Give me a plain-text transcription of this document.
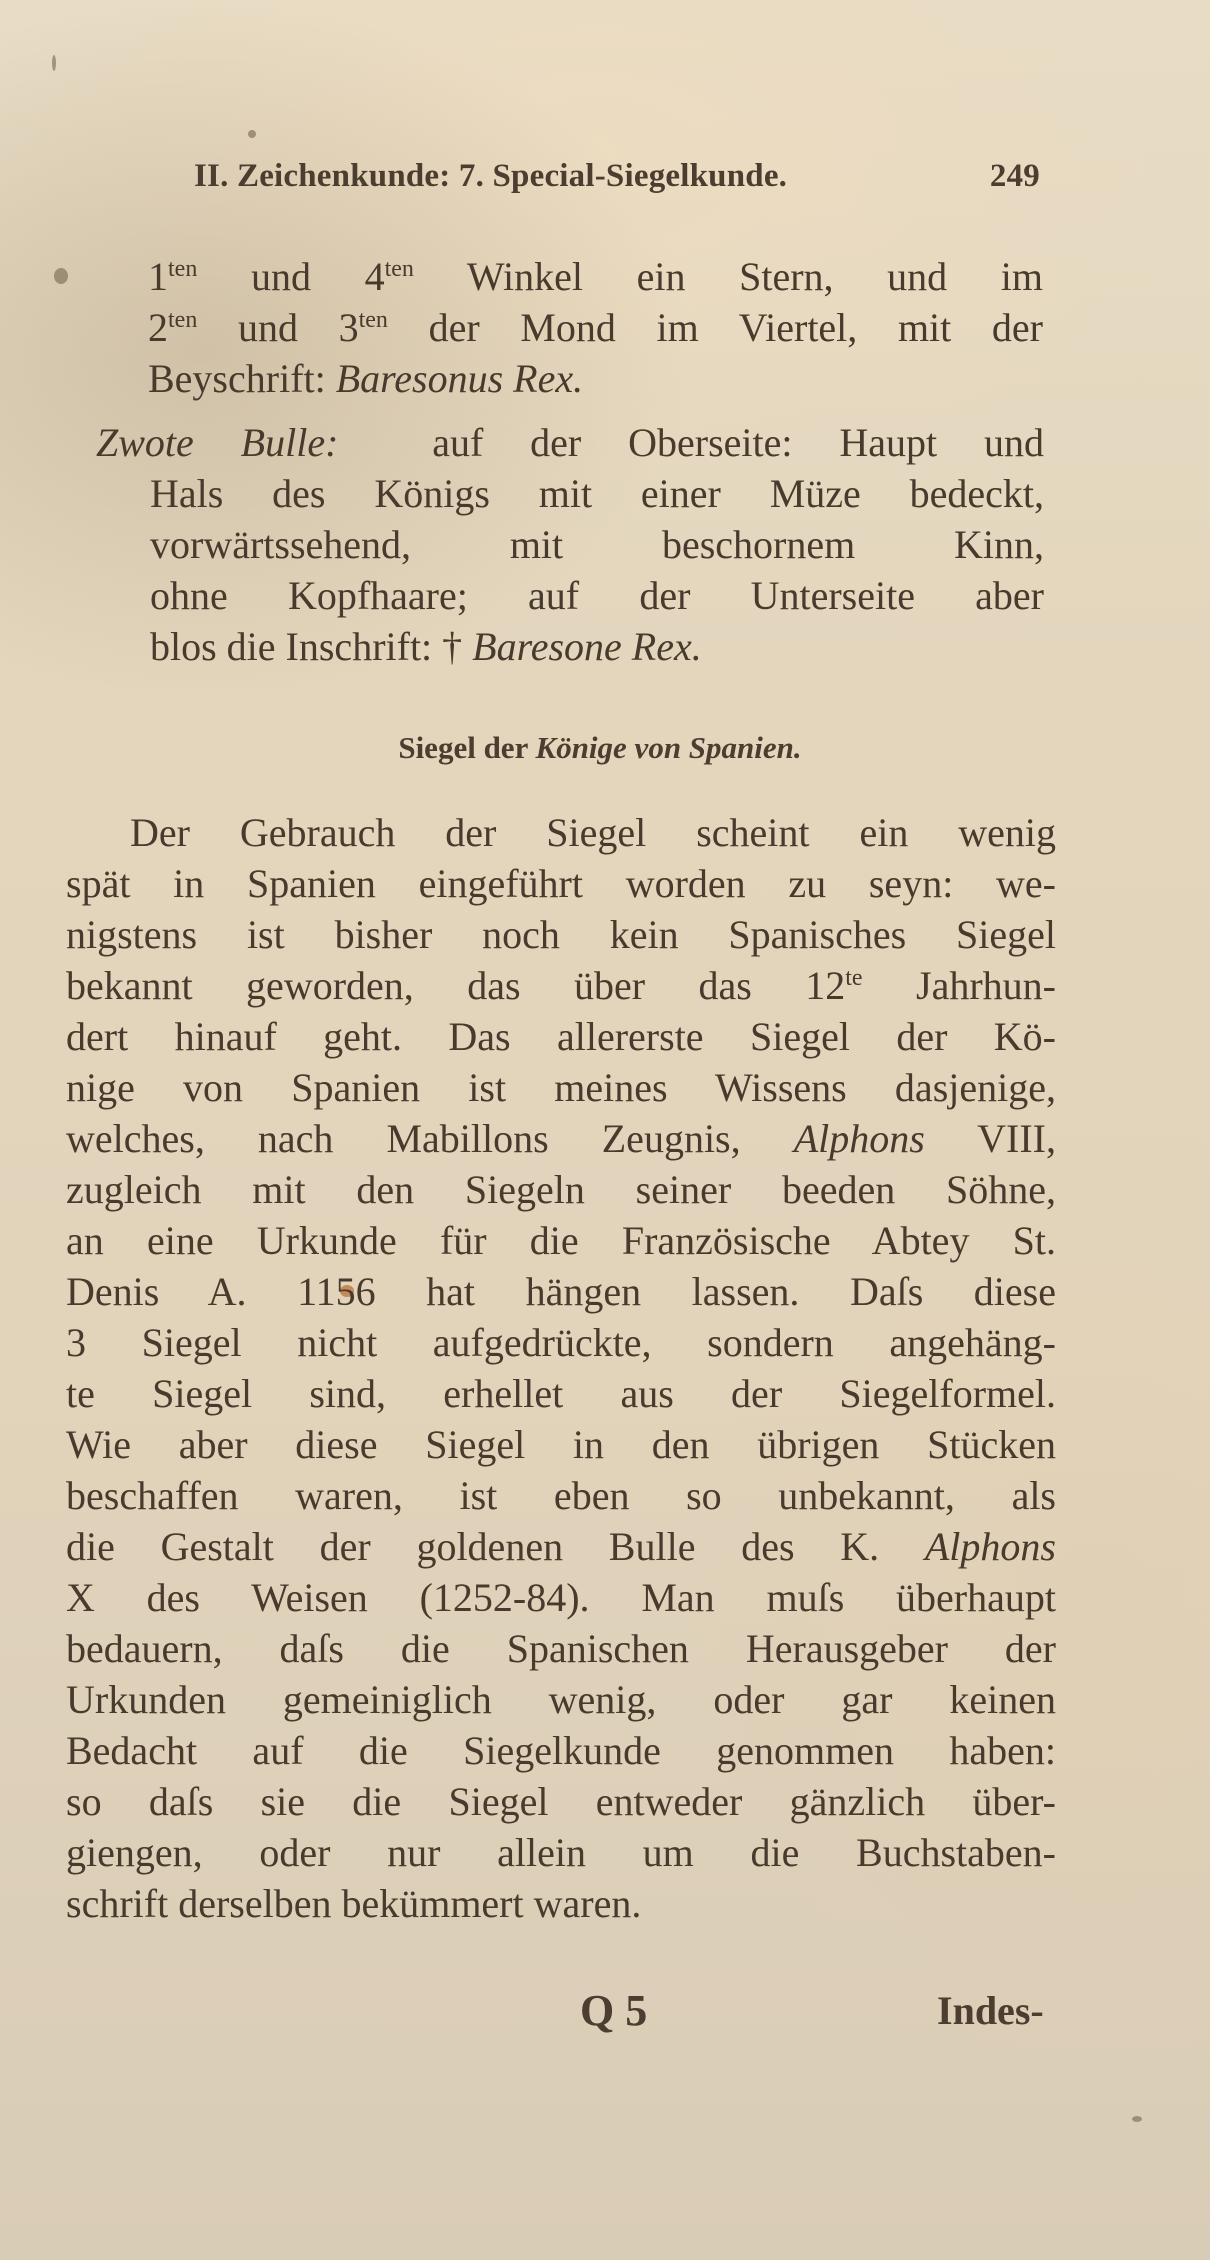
II. Zeichenkunde: 7. Special-Siegelkunde.	249
$1^{ten}$ und $4^{ten}$ Winkel ein Stern, und im
$2^{ten}$ und $3^{ten}$ der Mond im Viertel, mit der
Beyschrift: Baresonus Rex.
Zwote Bulle: auf der Oberseite: Haupt und
Hals des Königs mit einer Müze bedeckt,
vorwärtssehend, mit beschornem Kinn,
ohne Kopfhaare; auf der Unterseite aber
blos die Inschrift: † Baresone Rex.
Siegel der Könige von Spanien.
Der Gebrauch der Siegel scheint ein wenig
spät in Spanien eingeführt worden zu seyn: we-
nigstens ist bisher noch kein Spanisches Siegel
bekannt geworden, das über das $12^{te}$ Jahrhun-
dert hinauf geht. Das allererste Siegel der Kö-
nige von Spanien ist meines Wissens dasjenige,
welches, nach Mabillons Zeugnis, Alphons VIII,
zugleich mit den Siegeln seiner beeden Söhne,
an eine Urkunde für die Französische Abtey St.
Denis A. 1156 hat hängen lassen. Daſs diese
3 Siegel nicht aufgedrückte, sondern angehäng-
te Siegel sind, erhellet aus der Siegelformel.
Wie aber diese Siegel in den übrigen Stücken
beschaffen waren, ist eben so unbekannt, als
die Gestalt der goldenen Bulle des K. Alphons
X des Weisen (1252-84). Man muſs überhaupt
bedauern, daſs die Spanischen Herausgeber der
Urkunden gemeiniglich wenig, oder gar keinen
Bedacht auf die Siegelkunde genommen haben:
so daſs sie die Siegel entweder gänzlich über-
giengen, oder nur allein um die Buchstaben-
schrift derselben bekümmert waren.
Q 5	Indes-
